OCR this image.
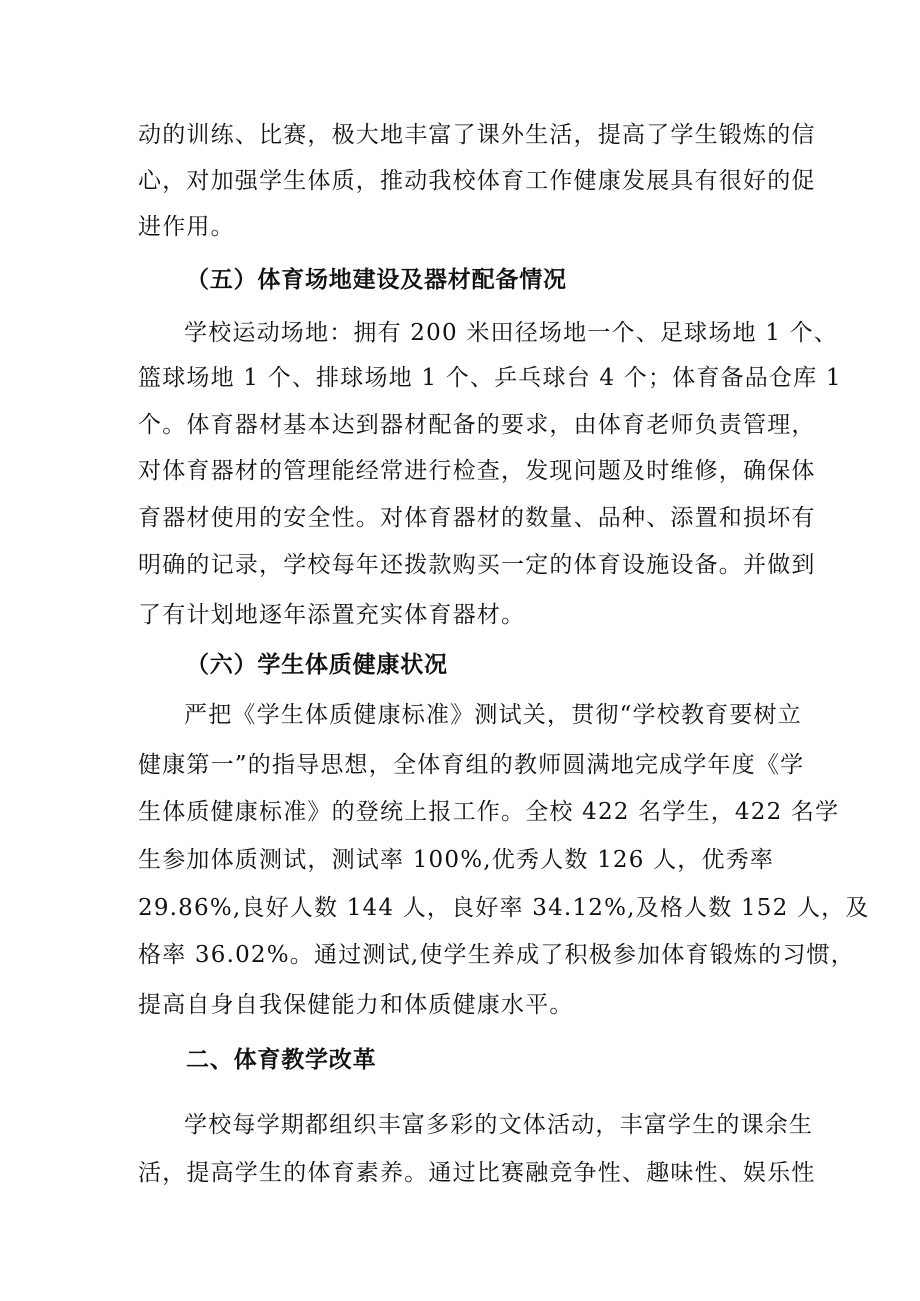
动的训练、比赛，极大地丰富了课外生活，提高了学生锻炼的信
心，对加强学生体质，推动我校体育工作健康发展具有很好的促
进作用。
（五）体育场地建设及器材配备情况
学校运动场地：拥有 200 米田径场地一个、足球场地 1 个、
篮球场地 1 个、排球场地 1 个、乒乓球台 4 个；体育备品仓库 1
个。体育器材基本达到器材配备的要求，由体育老师负责管理，
对体育器材的管理能经常进行检查，发现问题及时维修，确保体
育器材使用的安全性。对体育器材的数量、品种、添置和损坏有
明确的记录，学校每年还拨款购买一定的体育设施设备。并做到
了有计划地逐年添置充实体育器材。
（六）学生体质健康状况
严把《学生体质健康标准》测试关，贯彻“学校教育要树立
健康第一”的指导思想，全体育组的教师圆满地完成学年度《学
生体质健康标准》的登统上报工作。全校 422 名学生，422 名学
生参加体质测试，测试率 100%,优秀人数 126 人，优秀率
29.86%,良好人数 144 人，良好率 34.12%,及格人数 152 人，及
格率 36.02%。通过测试,使学生养成了积极参加体育锻炼的习惯，
提高自身自我保健能力和体质健康水平。
二、体育教学改革
学校每学期都组织丰富多彩的文体活动，丰富学生的课余生
活，提高学生的体育素养。通过比赛融竞争性、趣味性、娱乐性
